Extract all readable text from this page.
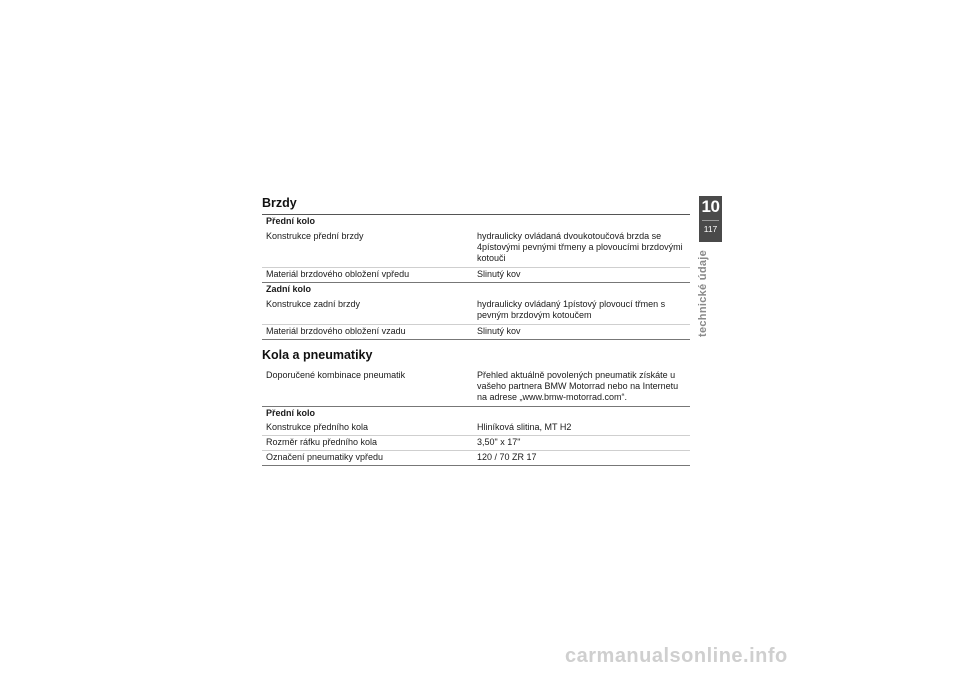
Brzdy
Přední kolo
Konstrukce přední brzdy	hydraulicky ovládaná dvoukotoučová brzda se 4pístovými pevnými třmeny a plovoucími brzdovými kotouči
Materiál brzdového obložení vpředu	Slinutý kov
Zadní kolo
Konstrukce zadní brzdy	hydraulicky ovládaný 1pístový plovoucí třmen s pevným brzdovým kotoučem
Materiál brzdového obložení vzadu	Slinutý kov
Kola a pneumatiky
Doporučené kombinace pneumatik	Přehled aktuálně povolených pneumatik získáte u vašeho partnera BMW Motorrad nebo na Internetu na adrese „www.bmw-motorrad.com“.
Přední kolo
Konstrukce předního kola	Hliníková slitina, MT H2
Rozměr ráfku předního kola	3,50" x 17"
Označení pneumatiky vpředu	120 / 70 ZR 17
10
117
technické údaje
carmanualsonline.info
